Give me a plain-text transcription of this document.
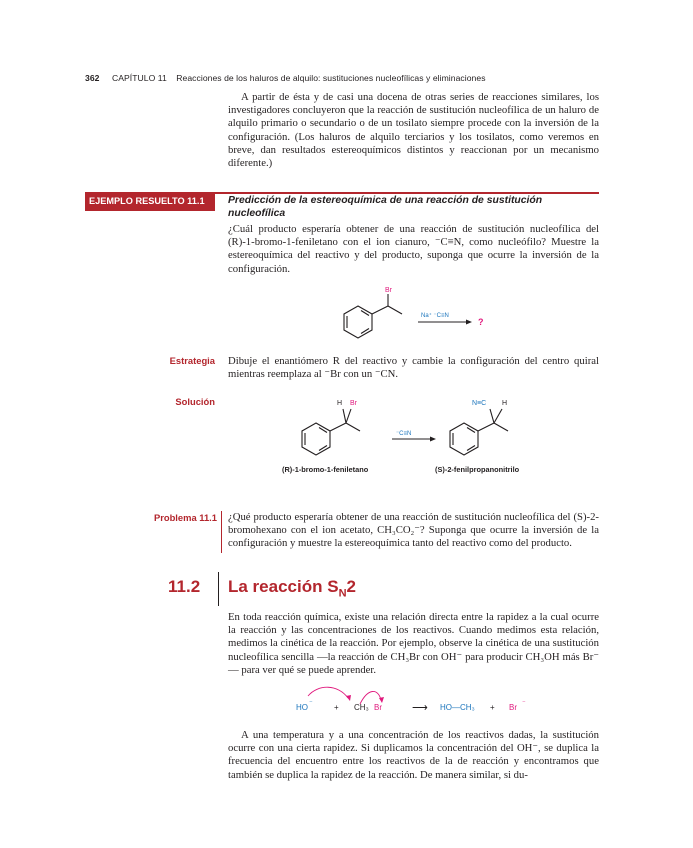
362 CAPÍTULO 11 Reacciones de los haluros de alquilo: sustituciones nucleofílicas y eliminaciones

A partir de ésta y de casi una docena de otras series de reacciones similares, los investigadores concluyeron que la reacción de sustitución nucleofílica de un haluro de alquilo primario o secundario o de un tosilato siempre procede con la inversión de la configuración. (Los haluros de alquilo terciarios y los tosilatos, como veremos en breve, dan resultados estereoquímicos distintos y reaccionan por un mecanismo diferente.)

EJEMPLO RESUELTO 11.1	Predicción de la estereoquímica de una reacción de sustitución nucleofílica

¿Cuál producto esperaría obtener de una reacción de sustitución nucleofílica del (R)-1-bromo-1-feniletano con el ion cianuro, ⁻C≡N, como nucleófilo? Muestre la estereoquímica del reactivo y del producto, suponga que ocurre la inversión de la configuración.

Br
Na⁺ ⁻C≡N
?
Estrategia Dibuje el enantiómero R del reactivo y cambie la configuración del centro quiral mientras reemplaza al ⁻Br con un ⁻CN.

Solución	H Br
⁻C≡N
N≡C H
(R)-1-bromo-1-feniletano	(S)-2-fenilpropanonitrilo
Problema 11.1 ¿Qué producto esperaría obtener de una reacción de sustitución nucleofílica del (S)-2-bromohexano con el ion acetato, CH₃CO₂⁻? Suponga que ocurre la inversión de la configuración y muestre la estereoquímica tanto del reactivo como del producto.

11.2 La reacción $S_N2$

En toda reacción química, existe una relación directa entre la rapidez a la cual ocurre la reacción y las concentraciones de los reactivos. Cuando medimos esta relación, medimos la cinética de la reacción. Por ejemplo, observe la cinética de una sustitución nucleofílica sencilla —la reacción de CH₃Br con OH⁻ para producir CH₃OH más Br⁻— para ver qué se puede aprender.

HO ⁻	+ CH₃ Br	⟶ HO—CH₃ + Br ⁻

A una temperatura y a una concentración de los reactivos dadas, la sustitución ocurre con una cierta rapidez. Si duplicamos la concentración del OH⁻, se duplica la frecuencia del encuentro entre los reactivos de la de reacción y encontramos que también se duplica la rapidez de la reacción. De manera similar, si du-
